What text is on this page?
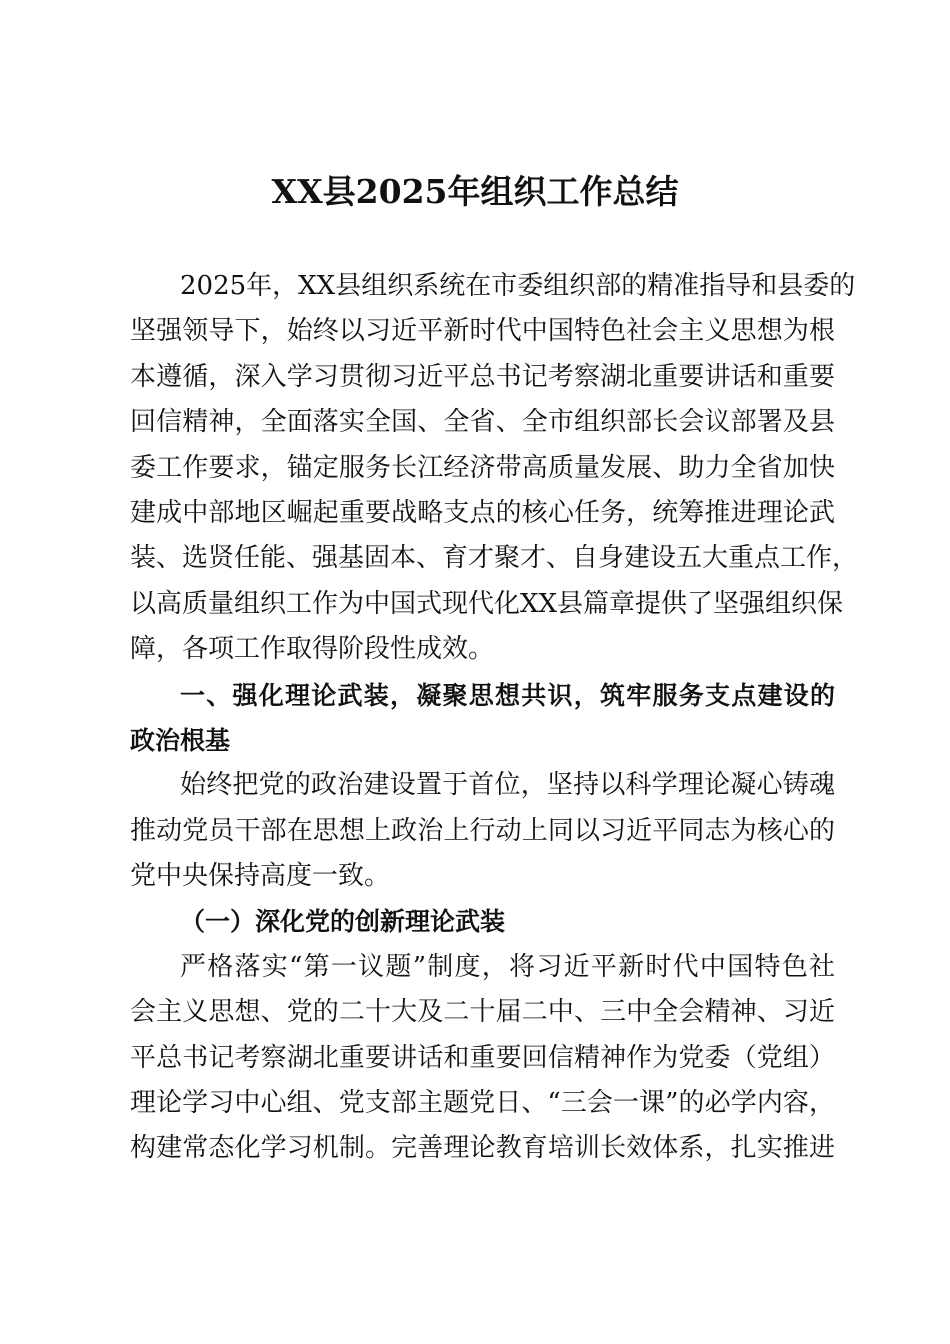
XX县2025年组织工作总结
2025年，XX县组织系统在市委组织部的精准指导和县委的
坚强领导下，始终以习近平新时代中国特色社会主义思想为根
本遵循，深入学习贯彻习近平总书记考察湖北重要讲话和重要
回信精神，全面落实全国、全省、全市组织部长会议部署及县
委工作要求，锚定服务长江经济带高质量发展、助力全省加快
建成中部地区崛起重要战略支点的核心任务，统筹推进理论武
装、选贤任能、强基固本、育才聚才、自身建设五大重点工作，
以高质量组织工作为中国式现代化XX县篇章提供了坚强组织保
障，各项工作取得阶段性成效。
一、强化理论武装，凝聚思想共识，筑牢服务支点建设的
政治根基
始终把党的政治建设置于首位，坚持以科学理论凝心铸魂
推动党员干部在思想上政治上行动上同以习近平同志为核心的
党中央保持高度一致。
（一）深化党的创新理论武装
严格落实“第一议题”制度，将习近平新时代中国特色社
会主义思想、党的二十大及二十届二中、三中全会精神、习近
平总书记考察湖北重要讲话和重要回信精神作为党委（党组）
理论学习中心组、党支部主题党日、“三会一课”的必学内容，
构建常态化学习机制。完善理论教育培训长效体系，扎实推进
